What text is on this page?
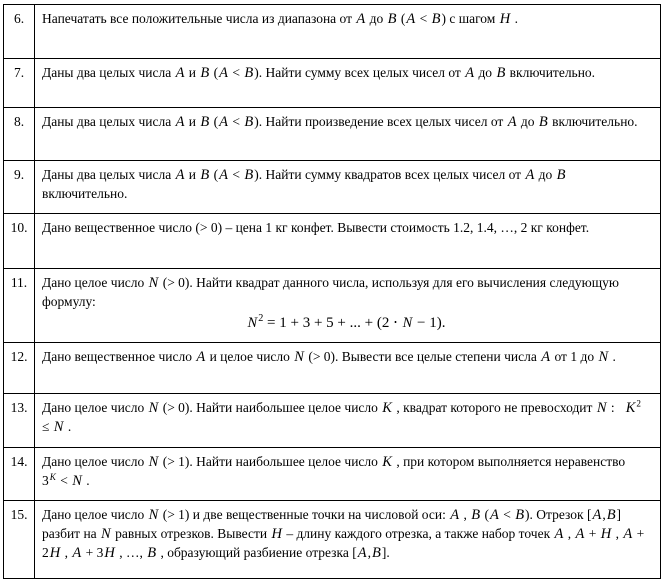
6.	Напечатать все положительные числа из диапазона от A до B (A < B) с шагом H .
7.	Даны два целых числа A и B (A < B). Найти сумму всех целых чисел от A до B включительно.
8.	Даны два целых числа A и B (A < B). Найти произведение всех целых чисел от A до B включительно.
9.	Даны два целых числа A и B (A < B). Найти сумму квадратов всех целых чисел от A до B включительно.
10.	Дано вещественное число (> 0) – цена 1 кг конфет. Вывести стоимость 1.2, 1.4, …, 2 кг конфет.
11.	Дано целое число N (> 0). Найти квадрат данного числа, используя для его вычисления следующую формулу:
$N^2 = 1 + 3 + 5$ + ... + (2 ⋅ N − 1).

12.	Дано вещественное число A и целое число N (> 0). Вывести все целые степени числа A от 1 до N .
13.	Дано целое число N (> 0). Найти наибольшее целое число K , квадрат которого не превосходит N :   $K^2 \le N$ .
14.	Дано целое число N (> 1). Найти наибольшее целое число K , при котором выполняется неравенство   $3^K < N$ .
15.	Дано целое число N (> 1) и две вещественные точки на числовой оси: A , B (A < B). Отрезок [A,B] разбит на N равных отрезков. Вывести H – длину каждого отрезка, а также набор точек A , A + H , A + 2H , A + 3H , …, B , образующий разбиение отрезка [A,B].
